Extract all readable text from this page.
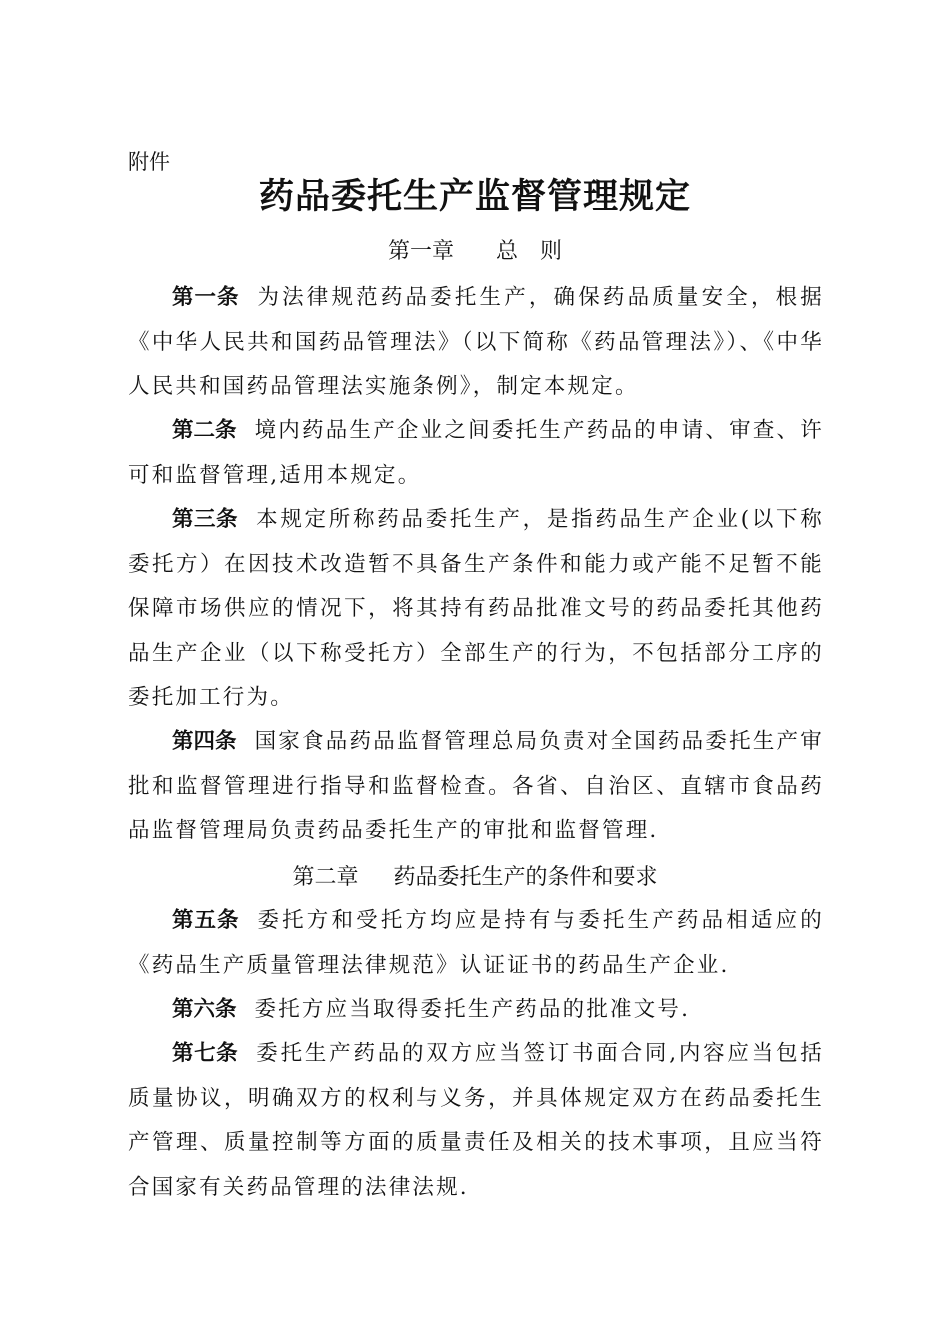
附件
药品委托生产监督管理规定
第一章 总　则
第一条 为法律规范药品委托生产，确保药品质量安全，根据《中华人民共和国药品管理法》（以下简称《药品管理法》）、《中华人民共和国药品管理法实施条例》，制定本规定。
第二条 境内药品生产企业之间委托生产药品的申请、审查、许可和监督管理,适用本规定。
第三条 本规定所称药品委托生产，是指药品生产企业(以下称委托方）在因技术改造暂不具备生产条件和能力或产能不足暂不能保障市场供应的情况下，将其持有药品批准文号的药品委托其他药品生产企业（以下称受托方）全部生产的行为，不包括部分工序的委托加工行为。
第四条 国家食品药品监督管理总局负责对全国药品委托生产审批和监督管理进行指导和监督检查。各省、自治区、直辖市食品药品监督管理局负责药品委托生产的审批和监督管理.
第二章 药品委托生产的条件和要求
第五条 委托方和受托方均应是持有与委托生产药品相适应的《药品生产质量管理法律规范》认证证书的药品生产企业.
第六条 委托方应当取得委托生产药品的批准文号.
第七条 委托生产药品的双方应当签订书面合同,内容应当包括质量协议，明确双方的权利与义务，并具体规定双方在药品委托生产管理、质量控制等方面的质量责任及相关的技术事项，且应当符合国家有关药品管理的法律法规.
